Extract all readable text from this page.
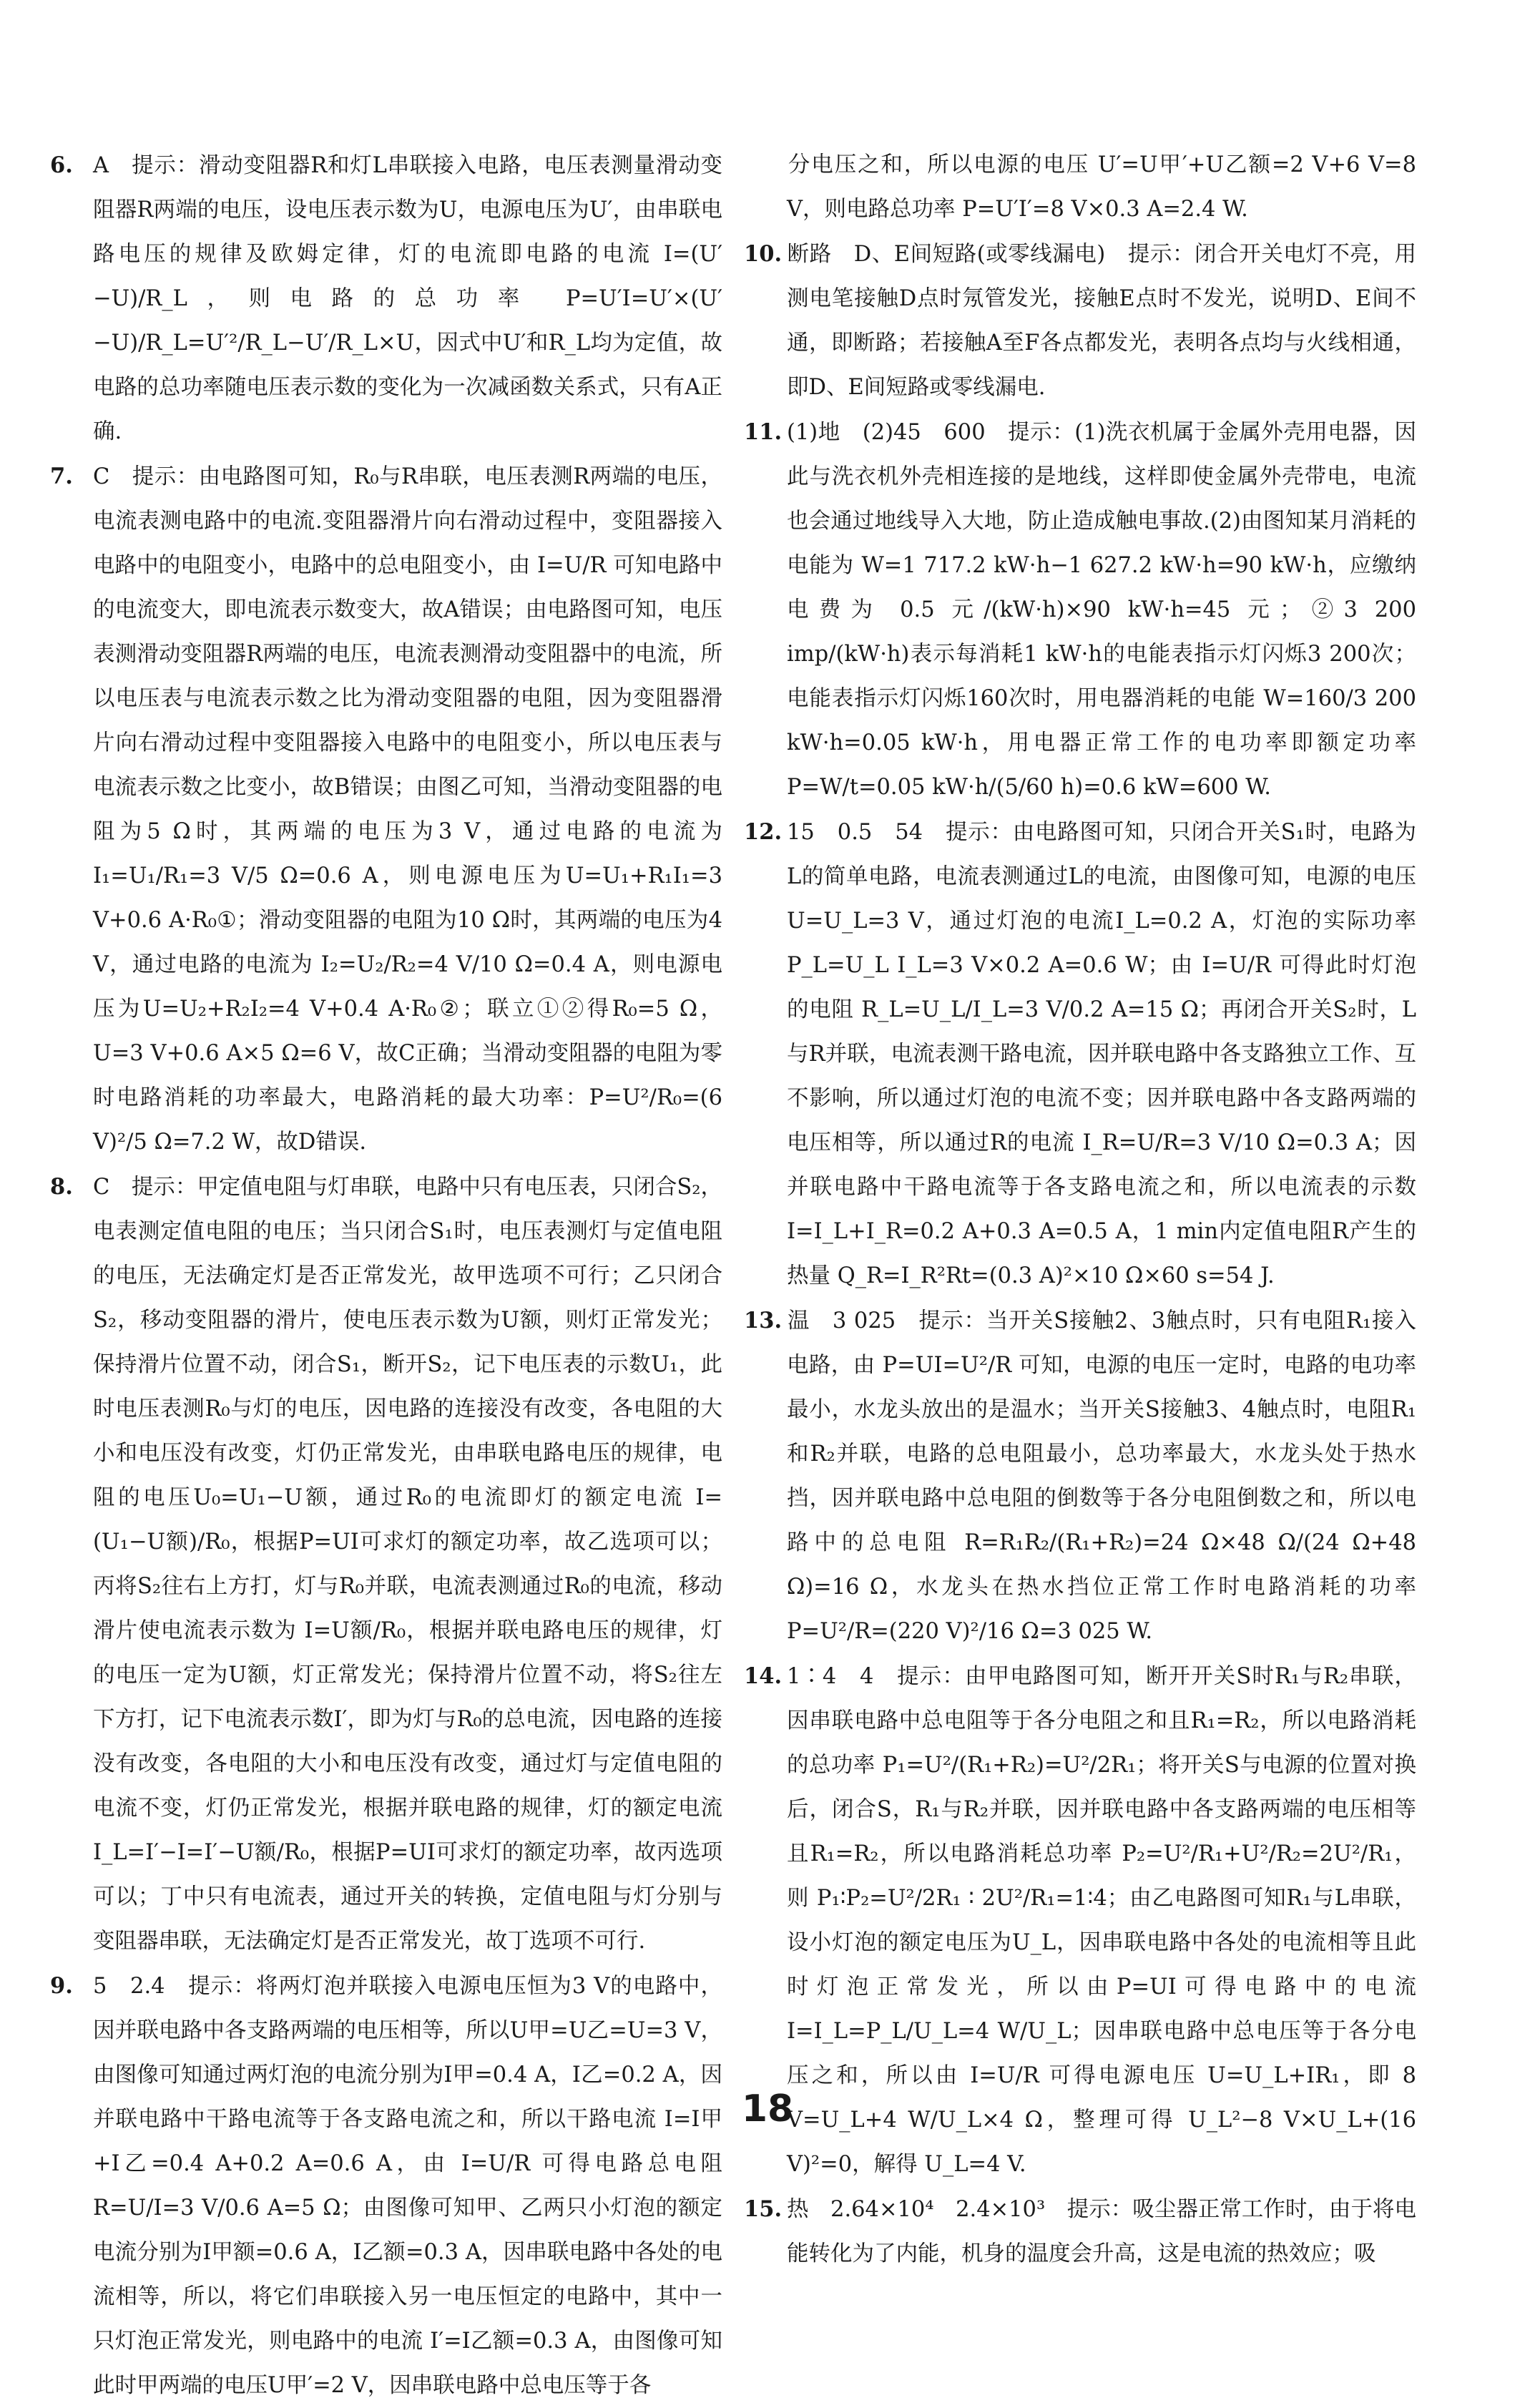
6. A　提示：滑动变阻器R和灯L串联接入电路，电压表测量滑动变阻器R两端的电压，设电压表示数为U，电源电压为U′，由串联电路电压的规律及欧姆定律，灯的电流即电路的电流 I=(U′−U)/R_L，则电路的总功率 P=U′I=U′×(U′−U)/R_L=U′²/R_L−U′/R_L×U，因式中U′和R_L均为定值，故电路的总功率随电压表示数的变化为一次减函数关系式，只有A正确.

7. C　提示：由电路图可知，R₀与R串联，电压表测R两端的电压，电流表测电路中的电流.变阻器滑片向右滑动过程中，变阻器接入电路中的电阻变小，电路中的总电阻变小，由 I=U/R 可知电路中的电流变大，即电流表示数变大，故A错误；由电路图可知，电压表测滑动变阻器R两端的电压，电流表测滑动变阻器中的电流，所以电压表与电流表示数之比为滑动变阻器的电阻，因为变阻器滑片向右滑动过程中变阻器接入电路中的电阻变小，所以电压表与电流表示数之比变小，故B错误；由图乙可知，当滑动变阻器的电阻为5 Ω时，其两端的电压为3 V，通过电路的电流为 I₁=U₁/R₁=3 V/5 Ω=0.6 A，则电源电压为U=U₁+R₁I₁=3 V+0.6 A·R₀①；滑动变阻器的电阻为10 Ω时，其两端的电压为4 V，通过电路的电流为 I₂=U₂/R₂=4 V/10 Ω=0.4 A，则电源电压为U=U₂+R₂I₂=4 V+0.4 A·R₀②；联立①②得R₀=5 Ω，U=3 V+0.6 A×5 Ω=6 V，故C正确；当滑动变阻器的电阻为零时电路消耗的功率最大，电路消耗的最大功率：P=U²/R₀=(6 V)²/5 Ω=7.2 W，故D错误.

8. C　提示：甲定值电阻与灯串联，电路中只有电压表，只闭合S₂，电表测定值电阻的电压；当只闭合S₁时，电压表测灯与定值电阻的电压，无法确定灯是否正常发光，故甲选项不可行；乙只闭合S₂，移动变阻器的滑片，使电压表示数为U额，则灯正常发光；保持滑片位置不动，闭合S₁，断开S₂，记下电压表的示数U₁，此时电压表测R₀与灯的电压，因电路的连接没有改变，各电阻的大小和电压没有改变，灯仍正常发光，由串联电路电压的规律，电阻的电压U₀=U₁−U额，通过R₀的电流即灯的额定电流 I=(U₁−U额)/R₀，根据P=UI可求灯的额定功率，故乙选项可以；丙将S₂往右上方打，灯与R₀并联，电流表测通过R₀的电流，移动滑片使电流表示数为 I=U额/R₀，根据并联电路电压的规律，灯的电压一定为U额，灯正常发光；保持滑片位置不动，将S₂往左下方打，记下电流表示数I′，即为灯与R₀的总电流，因电路的连接没有改变，各电阻的大小和电压没有改变，通过灯与定值电阻的电流不变，灯仍正常发光，根据并联电路的规律，灯的额定电流 I_L=I′−I=I′−U额/R₀，根据P=UI可求灯的额定功率，故丙选项可以；丁中只有电流表，通过开关的转换，定值电阻与灯分别与变阻器串联，无法确定灯是否正常发光，故丁选项不可行.

9. 5　2.4　提示：将两灯泡并联接入电源电压恒为3 V的电路中，因并联电路中各支路两端的电压相等，所以U甲=U乙=U=3 V，由图像可知通过两灯泡的电流分别为I甲=0.4 A，I乙=0.2 A，因并联电路中干路电流等于各支路电流之和，所以干路电流 I=I甲+I乙=0.4 A+0.2 A=0.6 A，由 I=U/R 可得电路总电阻 R=U/I=3 V/0.6 A=5 Ω；由图像可知甲、乙两只小灯泡的额定电流分别为I甲额=0.6 A，I乙额=0.3 A，因串联电路中各处的电流相等，所以，将它们串联接入另一电压恒定的电路中，其中一只灯泡正常发光，则电路中的电流 I′=I乙额=0.3 A，由图像可知此时甲两端的电压U甲′=2 V，因串联电路中总电压等于各

分电压之和，所以电源的电压 U′=U甲′+U乙额=2 V+6 V=8 V，则电路总功率 P=U′I′=8 V×0.3 A=2.4 W.

10. 断路　D、E间短路(或零线漏电)　提示：闭合开关电灯不亮，用测电笔接触D点时氖管发光，接触E点时不发光，说明D、E间不通，即断路；若接触A至F各点都发光，表明各点均与火线相通，即D、E间短路或零线漏电.

11. (1)地　(2)45　600　提示：(1)洗衣机属于金属外壳用电器，因此与洗衣机外壳相连接的是地线，这样即使金属外壳带电，电流也会通过地线导入大地，防止造成触电事故.(2)由图知某月消耗的电能为 W=1 717.2 kW·h−1 627.2 kW·h=90 kW·h，应缴纳电费为 0.5 元/(kW·h)×90 kW·h=45 元；②3 200 imp/(kW·h)表示每消耗1 kW·h的电能表指示灯闪烁3 200次；电能表指示灯闪烁160次时，用电器消耗的电能 W=160/3 200 kW·h=0.05 kW·h，用电器正常工作的电功率即额定功率 P=W/t=0.05 kW·h/(5/60 h)=0.6 kW=600 W.

12. 15　0.5　54　提示：由电路图可知，只闭合开关S₁时，电路为L的简单电路，电流表测通过L的电流，由图像可知，电源的电压U=U_L=3 V，通过灯泡的电流I_L=0.2 A，灯泡的实际功率 P_L=U_L I_L=3 V×0.2 A=0.6 W；由 I=U/R 可得此时灯泡的电阻 R_L=U_L/I_L=3 V/0.2 A=15 Ω；再闭合开关S₂时，L与R并联，电流表测干路电流，因并联电路中各支路独立工作、互不影响，所以通过灯泡的电流不变；因并联电路中各支路两端的电压相等，所以通过R的电流 I_R=U/R=3 V/10 Ω=0.3 A；因并联电路中干路电流等于各支路电流之和，所以电流表的示数 I=I_L+I_R=0.2 A+0.3 A=0.5 A，1 min内定值电阻R产生的热量 Q_R=I_R²Rt=(0.3 A)²×10 Ω×60 s=54 J.

13. 温　3 025　提示：当开关S接触2、3触点时，只有电阻R₁接入电路，由 P=UI=U²/R 可知，电源的电压一定时，电路的电功率最小，水龙头放出的是温水；当开关S接触3、4触点时，电阻R₁和R₂并联，电路的总电阻最小，总功率最大，水龙头处于热水挡，因并联电路中总电阻的倒数等于各分电阻倒数之和，所以电路中的总电阻 R=R₁R₂/(R₁+R₂)=24 Ω×48 Ω/(24 Ω+48 Ω)=16 Ω，水龙头在热水挡位正常工作时电路消耗的功率 P=U²/R=(220 V)²/16 Ω=3 025 W.

14. 1∶4　4　提示：由甲电路图可知，断开开关S时R₁与R₂串联，因串联电路中总电阻等于各分电阻之和且R₁=R₂，所以电路消耗的总功率 P₁=U²/(R₁+R₂)=U²/2R₁；将开关S与电源的位置对换后，闭合S，R₁与R₂并联，因并联电路中各支路两端的电压相等且R₁=R₂，所以电路消耗总功率 P₂=U²/R₁+U²/R₂=2U²/R₁，则 P₁∶P₂=U²/2R₁ ∶ 2U²/R₁=1∶4；由乙电路图可知R₁与L串联，设小灯泡的额定电压为U_L，因串联电路中各处的电流相等且此时灯泡正常发光，所以由P=UI可得电路中的电流 I=I_L=P_L/U_L=4 W/U_L；因串联电路中总电压等于各分电压之和，所以由 I=U/R 可得电源电压 U=U_L+IR₁，即 8 V=U_L+4 W/U_L×4 Ω，整理可得 U_L²−8 V×U_L+(16 V)²=0，解得 U_L=4 V.

15. 热　2.64×10⁴　2.4×10³　提示：吸尘器正常工作时，由于将电能转化为了内能，机身的温度会升高，这是电流的热效应；吸

18
